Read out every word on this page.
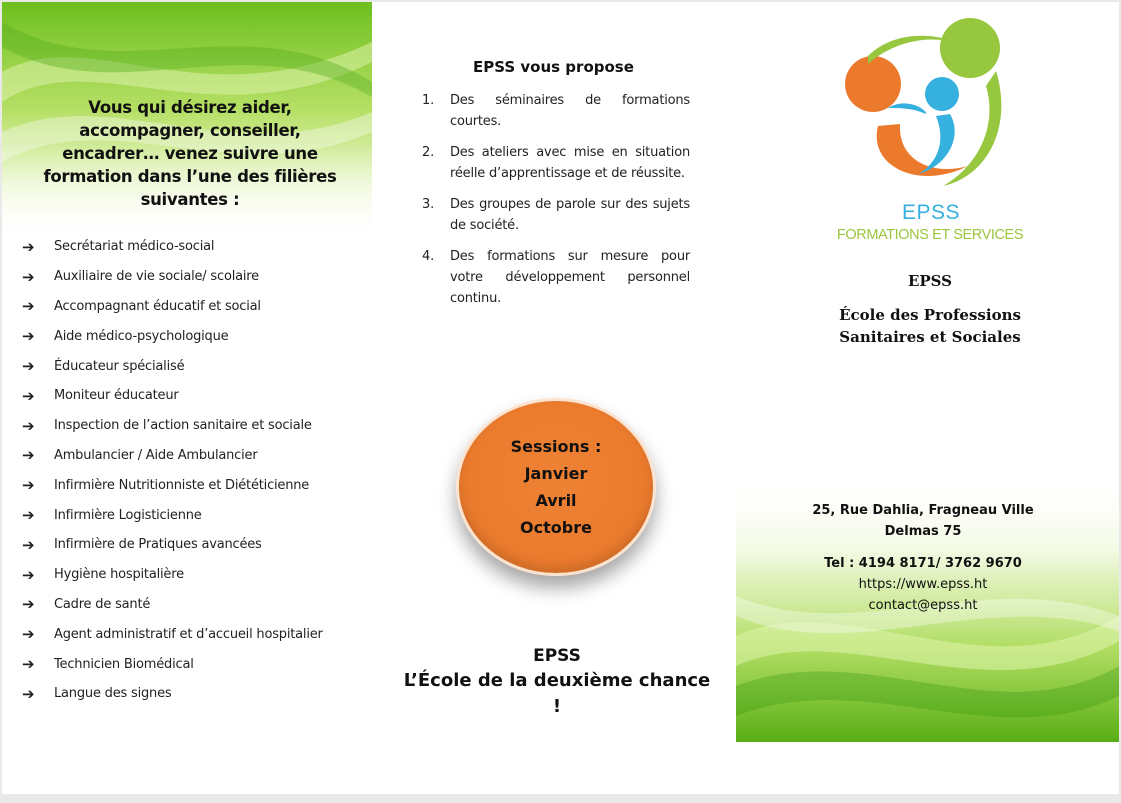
Vous qui désirez aider, accompagner, conseiller, encadrer… venez suivre une formation dans l’une des filières suivantes :
➔	Secrétariat médico-social
➔	Auxiliaire de vie sociale/ scolaire
➔	Accompagnant éducatif et social
➔	Aide médico-psychologique
➔	Éducateur spécialisé
➔	Moniteur éducateur
➔	Inspection de l’action sanitaire et sociale
➔	Ambulancier / Aide Ambulancier
➔	Infirmière Nutritionniste et Diététicienne
➔	Infirmière Logisticienne
➔	Infirmière de Pratiques avancées
➔	Hygiène hospitalière
➔	Cadre de santé
➔	Agent administratif et d’accueil hospitalier
➔	Technicien Biomédical
➔	Langue des signes
EPSS vous propose
1.	Des séminaires de formations courtes.
2.	Des ateliers avec mise en situation réelle d’apprentissage et de réussite.
3.	Des groupes de parole sur des sujets de société.
4.	Des formations sur mesure pour votre développement personnel continu.
Sessions :
Janvier
Avril
Octobre
EPSS
L’École de la deuxième chance !
EPSS
FORMATIONS ET SERVICES
EPSS
École des Professions Sanitaires et Sociales
25, Rue Dahlia, Fragneau Ville
Delmas 75
Tel : 4194 8171/ 3762 9670
https://www.epss.ht
contact@epss.ht
